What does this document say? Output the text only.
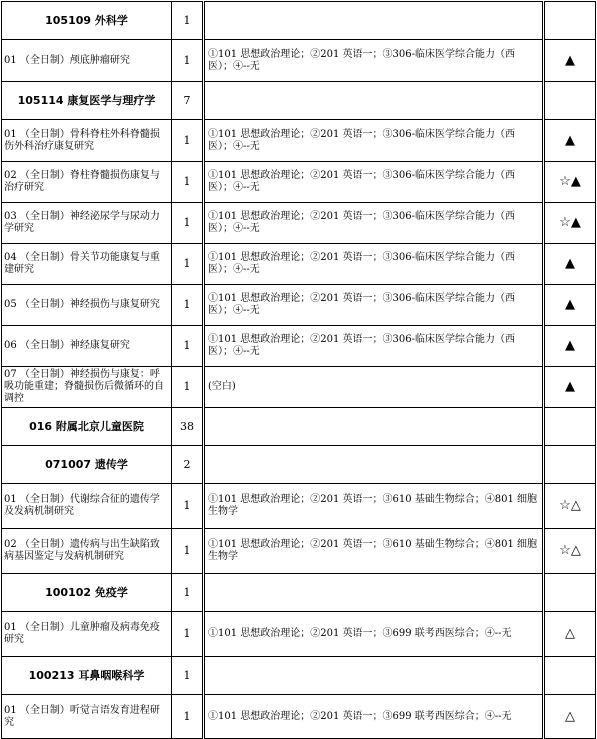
105109 外科学	1		
01 （全日制）颅底肿瘤研究	1	①101 思想政治理论；②201 英语一；③306-临床医学综合能力（西医）；④--无	▲
105114 康复医学与理疗学	7		
01 （全日制）骨科脊柱外科脊髓损伤外科治疗康复研究	1	①101 思想政治理论；②201 英语一；③306-临床医学综合能力（西医）；④--无	▲
02 （全日制）脊柱脊髓损伤康复与治疗研究	1	①101 思想政治理论；②201 英语一；③306-临床医学综合能力（西医）；④--无	☆▲
03 （全日制）神经泌尿学与尿动力学研究	1	①101 思想政治理论；②201 英语一；③306-临床医学综合能力（西医）；④--无	☆▲
04 （全日制）骨关节功能康复与重建研究	1	①101 思想政治理论；②201 英语一；③306-临床医学综合能力（西医）；④--无	▲
05 （全日制）神经损伤与康复研究	1	①101 思想政治理论；②201 英语一；③306-临床医学综合能力（西医）；④--无	▲
06 （全日制）神经康复研究	1	①101 思想政治理论；②201 英语一；③306-临床医学综合能力（西医）；④--无	▲
07 （全日制）神经损伤与康复：呼吸功能重建；脊髓损伤后微循环的自调控	1	(空白)	▲
016 附属北京儿童医院	38		
071007 遗传学	2		
01 （全日制）代谢综合征的遗传学及发病机制研究	1	①101 思想政治理论；②201 英语一；③610 基础生物综合；④801 细胞生物学	☆△
02 （全日制）遗传病与出生缺陷致病基因鉴定与发病机制研究	1	①101 思想政治理论；②201 英语一；③610 基础生物综合；④801 细胞生物学	☆△
100102 免疫学	1		
01 （全日制）儿童肿瘤及病毒免疫研究	1	①101 思想政治理论；②201 英语一；③699 联考西医综合；④--无	△
100213 耳鼻咽喉科学	1		
01 （全日制）听觉言语发育进程研究	1	①101 思想政治理论；②201 英语一；③699 联考西医综合；④--无	△
